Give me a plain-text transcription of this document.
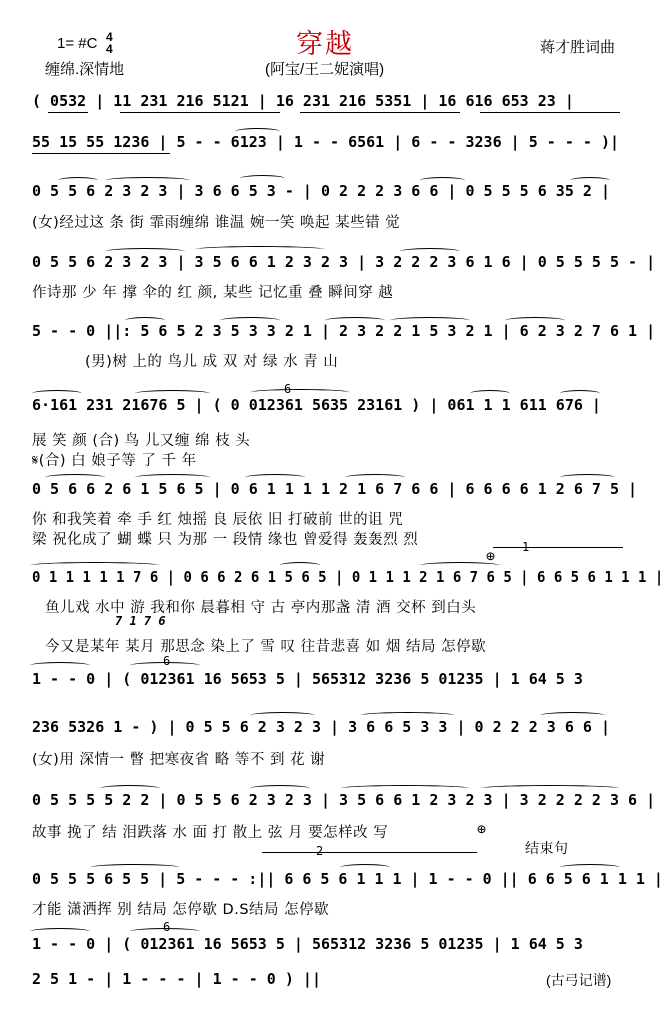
穿越
1= #C 4
4
缠绵.深情地	(阿宝/王二妮演唱)
蒋才胜词曲
( 0532 | 11 231 216 5121 | 16 231 216 5351 | 16 616 653 23 |
55 15 55 1236 | 5 - - 6123 | 1 - - 6561 | 6 - - 3236 | 5 - - - )|
0 5 5 6 2 3 2 3 | 3 6 6 5 3 - | 0 2 2 2 3 6 6 | 0 5 5 5 6 35 2 |
(女)经过这 条 街 霏雨缠绵 谁温 婉一笑 唤起 某些错 觉
0 5 5 6 2 3 2 3 | 3 5 6 6 1 2 3 2 3 | 3 2 2 2 3 6 1 6 | 0 5 5 5 5 - |
作诗那 少 年 撑 伞的 红 颜, 某些 记忆重 叠 瞬间穿 越
5 - - 0 ||: 5 6 5 2 3 5 3 3 2 1 | 2 3 2 2 1 5 3 2 1 | 6 2 3 2 7 6 1 |
(男)树 上的 鸟儿 成 双 对 绿 水 青 山
6·161 231 21676 5 | ( 0 012361 5635 23161 ) | 061 1 1 611 676 |
6
展 笑 颜 (合) 鸟 儿又缠 绵 枝 头
𝄋(合) 白 娘子等 了 千 年
0 5 6 6 2 6 1 5 6 5 | 0 6 1 1 1 1 2 1 6 7 6 6 | 6 6 6 6 1 2 6 7 5 |
你 和我笑着 牵 手 红 烛摇 良 辰依 旧 打破前 世的诅 咒
梁 祝化成了 蝴 蝶 只 为那 一 段情 缘也 曾爱得 轰轰烈 烈
⊕ 1
0 1 1 1 1 1 7 6 | 0 6 6 2 6 1 5 6 5 | 0 1 1 1 2 1 6 7 6 5 | 6 6 5 6 1 1 1 |
鱼儿戏 水中 游 我和你 晨暮相 守 古 亭内那盏 清 酒 交杯 到白头
7 1 7 6
今又是某年 某月 那思念 染上了 雪 叹 往昔悲喜 如 烟 结局 怎停歇
1 - - 0 | ( 012361 16 5653 5 | 565312 3236 5 01235 | 1 64 5 3
6
236 5326 1 - ) | 0 5 5 6 2 3 2 3 | 3 6 6 5 3 3 | 0 2 2 2 3 6 6 |
(女)用 深情一 瞥 把寒夜省 略 等不 到 花 谢
0 5 5 5 5 2 2 | 0 5 5 6 2 3 2 3 | 3 5 6 6 1 2 3 2 3 | 3 2 2 2 2 3 6 |
故事 挽了 结 泪跌落 水 面 打 散上 弦 月 要怎样改 写	⊕
结束句
2
0 5 5 5 6 5 5 | 5 - - - :|| 6 6 5 6 1 1 1 | 1 - - 0 || 6 6 5 6 1 1 1 |
才能 潇洒挥 别 结局 怎停歇 D.S结局 怎停歇
1 - - 0 | ( 012361 16 5653 5 | 565312 3236 5 01235 | 1 64 5 3
6
2 5 1 - | 1 - - - | 1 - - 0 ) ||	(古弓记谱)
